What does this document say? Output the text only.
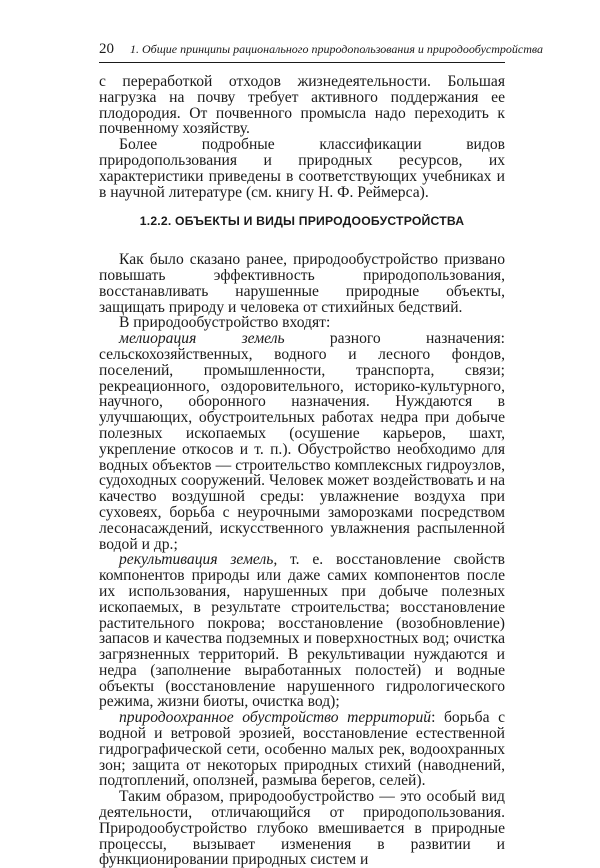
20 1. Общие принципы рационального природопользования и природообустройства

с переработкой отходов жизнедеятельности. Большая нагрузка на почву требует активного поддержания ее плодородия. От почвенного промысла надо переходить к почвенному хозяйству.

Более подробные классификации видов природопользования и природных ресурсов, их характеристики приведены в соответствующих учебниках и в научной литературе (см. книгу Н. Ф. Реймерса).

1.2.2. ОБЪЕКТЫ И ВИДЫ ПРИРОДООБУСТРОЙСТВА

Как было сказано ранее, природообустройство призвано повышать эффективность природопользования, восстанавливать нарушенные природные объекты, защищать природу и человека от стихийных бедствий.

В природообустройство входят:

мелиорация земель разного назначения: сельскохозяйственных, водного и лесного фондов, поселений, промышленности, транспорта, связи; рекреационного, оздоровительного, историко-культурного, научного, оборонного назначения. Нуждаются в улучшающих, обустроительных работах недра при добыче полезных ископаемых (осушение карьеров, шахт, укрепление откосов и т. п.). Обустройство необходимо для водных объектов — строительство комплексных гидроузлов, судоходных сооружений. Человек может воздействовать и на качество воздушной среды: увлажнение воздуха при суховеях, борьба с неурочными заморозками посредством лесонасаждений, искусственного увлажнения распыленной водой и др.;

рекультивация земель, т. е. восстановление свойств компонентов природы или даже самих компонентов после их использования, нарушенных при добыче полезных ископаемых, в результате строительства; восстановление растительного покрова; восстановление (возобновление) запасов и качества подземных и поверхностных вод; очистка загрязненных территорий. В рекультивации нуждаются и недра (заполнение выработанных полостей) и водные объекты (восстановление нарушенного гидрологического режима, жизни биоты, очистка вод);

природоохранное обустройство территорий: борьба с водной и ветровой эрозией, восстановление естественной гидрографической сети, особенно малых рек, водоохранных зон; защита от некоторых природных стихий (наводнений, подтоплений, оползней, размыва берегов, селей).

Таким образом, природообустройство — это особый вид деятельности, отличающийся от природопользования. Природообустройство глубоко вмешивается в природные процессы, вызывает изменения в развитии и функционировании природных систем и
